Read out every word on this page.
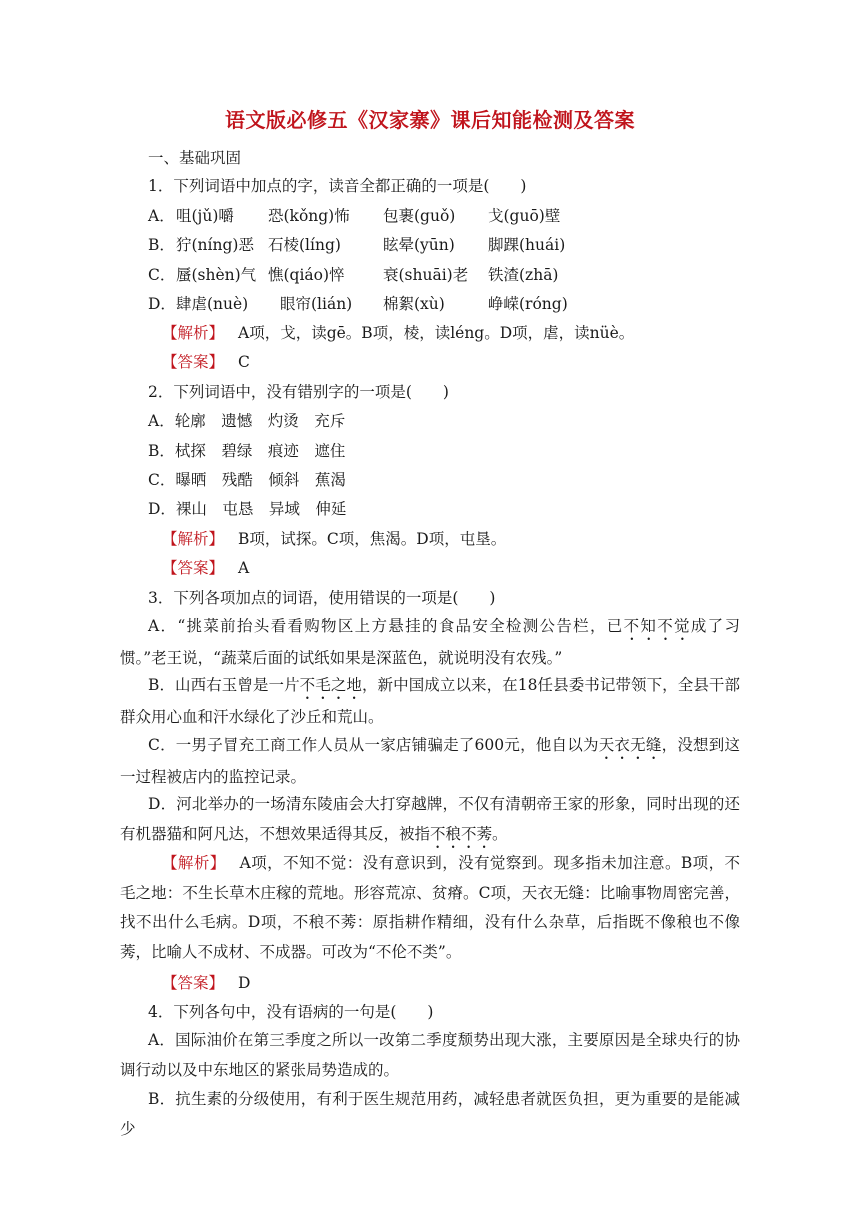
语文版必修五《汉家寨》课后知能检测及答案
一、基础巩固
1．下列词语中加点的字，读音全都正确的一项是(　　)
A． 咀(jǔ)嚼 恐(kǒng)怖 包裹(guǒ) 戈(guō)壁
B． 狞(níng)恶 石棱(líng)	眩晕(yūn) 脚踝(huái)
C． 蜃(shèn)气 憔(qiáo)悴 衰(shuāi)老 铁渣(zhā)
D． 肆虐(nuè) 眼帘(lián) 棉絮(xù)	峥嵘(róng)
【解析】 A项，戈，读gē。B项，棱，读léng。D项，虐，读nüè。
【答案】 C
2．下列词语中，没有错别字的一项是(　　)
A．轮廓　遗憾　灼烫　充斥
B．栻探　碧绿　痕迹　遮住
C．曝晒　残酷　倾斜　蕉渴
D．裸山　屯恳　异域　伸延
【解析】 B项，试探。C项，焦渴。D项，屯垦。
【答案】 A
3．下列各项加点的词语，使用错误的一项是(　　)
A．“挑菜前抬头看看购物区上方悬挂的食品安全检测公告栏，已不知不觉成了习惯。”老王说，“蔬菜后面的试纸如果是深蓝色，就说明没有农残。”
B．山西右玉曾是一片不毛之地，新中国成立以来，在18任县委书记带领下，全县干部群众用心血和汗水绿化了沙丘和荒山。
C．一男子冒充工商工作人员从一家店铺骗走了600元，他自以为天衣无缝，没想到这一过程被店内的监控记录。
D．河北举办的一场清东陵庙会大打穿越牌，不仅有清朝帝王家的形象，同时出现的还有机器猫和阿凡达，不想效果适得其反，被指不稂不莠。
【解析】 A项，不知不觉：没有意识到，没有觉察到。现多指未加注意。B项，不毛之地：不生长草木庄稼的荒地。形容荒凉、贫瘠。C项，天衣无缝：比喻事物周密完善，找不出什么毛病。D项，不稂不莠：原指耕作精细，没有什么杂草，后指既不像稂也不像莠，比喻人不成材、不成器。可改为“不伦不类”。
【答案】 D
4．下列各句中，没有语病的一句是(　　)
A．国际油价在第三季度之所以一改第二季度颓势出现大涨，主要原因是全球央行的协调行动以及中东地区的紧张局势造成的。
B．抗生素的分级使用，有利于医生规范用药，减轻患者就医负担，更为重要的是能减少
